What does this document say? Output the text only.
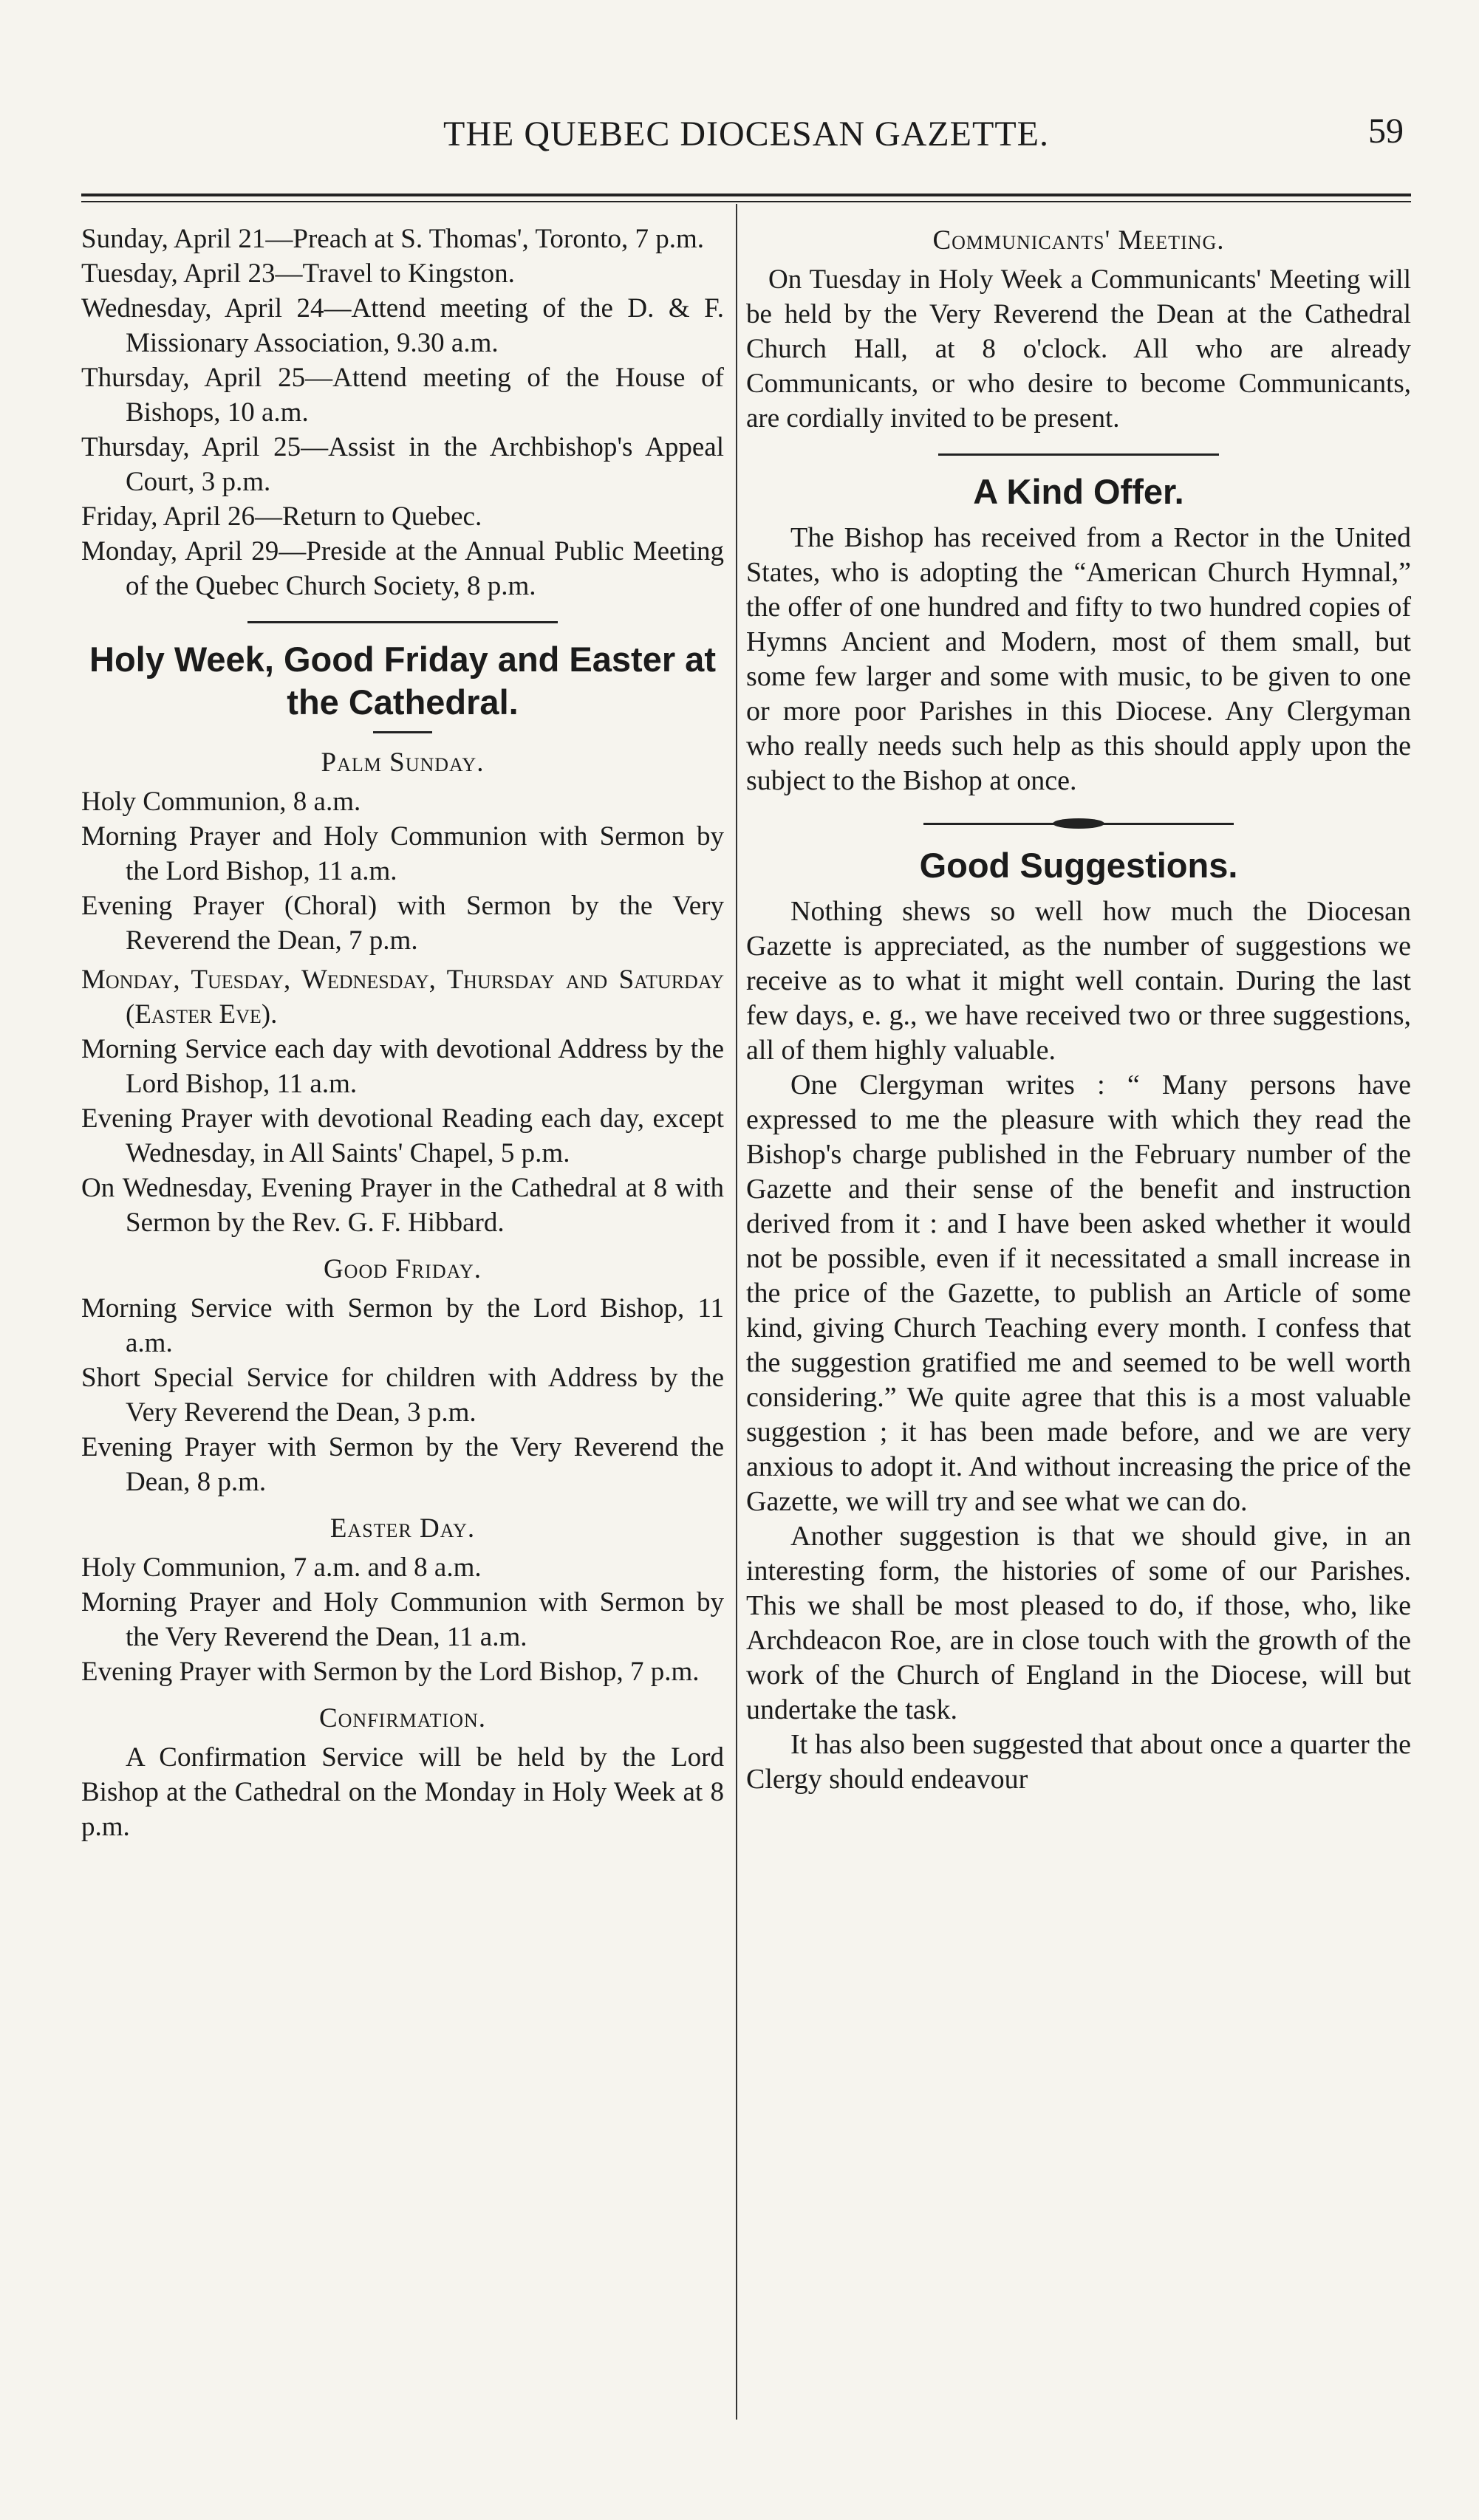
THE QUEBEC DIOCESAN GAZETTE.	59
Sunday, April 21—Preach at S. Thomas', Toronto, 7 p.m.
Tuesday, April 23—Travel to Kingston.
Wednesday, April 24—Attend meeting of the D. & F. Missionary Association, 9.30 a.m.
Thursday, April 25—Attend meeting of the House of Bishops, 10 a.m.
Thursday, April 25—Assist in the Archbishop's Appeal Court, 3 p.m.
Friday, April 26—Return to Quebec.
Monday, April 29—Preside at the Annual Public Meeting of the Quebec Church Society, 8 p.m.
Holy Week, Good Friday and Easter at the Cathedral.
Palm Sunday.
Holy Communion, 8 a.m.
Morning Prayer and Holy Communion with Sermon by the Lord Bishop, 11 a.m.
Evening Prayer (Choral) with Sermon by the Very Reverend the Dean, 7 p.m.
Monday, Tuesday, Wednesday, Thursday and Saturday (Easter Eve).
Morning Service each day with devotional Address by the Lord Bishop, 11 a.m.
Evening Prayer with devotional Reading each day, except Wednesday, in All Saints' Chapel, 5 p.m.
On Wednesday, Evening Prayer in the Cathedral at 8 with Sermon by the Rev. G. F. Hibbard.
Good Friday.
Morning Service with Sermon by the Lord Bishop, 11 a.m.
Short Special Service for children with Address by the Very Reverend the Dean, 3 p.m.
Evening Prayer with Sermon by the Very Reverend the Dean, 8 p.m.
Easter Day.
Holy Communion, 7 a.m. and 8 a.m.
Morning Prayer and Holy Communion with Sermon by the Very Reverend the Dean, 11 a.m.
Evening Prayer with Sermon by the Lord Bishop, 7 p.m.
Confirmation.

A Confirmation Service will be held by the Lord Bishop at the Cathedral on the Monday in Holy Week at 8 p.m.

Communicants' Meeting.

On Tuesday in Holy Week a Communicants' Meeting will be held by the Very Reverend the Dean at the Cathedral Church Hall, at 8 o'clock. All who are already Communicants, or who desire to become Communicants, are cordially invited to be present.

A Kind Offer.

The Bishop has received from a Rector in the United States, who is adopting the “American Church Hymnal,” the offer of one hundred and fifty to two hundred copies of Hymns Ancient and Modern, most of them small, but some few larger and some with music, to be given to one or more poor Parishes in this Diocese. Any Clergyman who really needs such help as this should apply upon the subject to the Bishop at once.

Good Suggestions.

Nothing shews so well how much the Diocesan Gazette is appreciated, as the number of suggestions we receive as to what it might well contain. During the last few days, e. g., we have received two or three suggestions, all of them highly valuable.

One Clergyman writes : “ Many persons have expressed to me the pleasure with which they read the Bishop's charge published in the February number of the Gazette and their sense of the benefit and instruction derived from it : and I have been asked whether it would not be possible, even if it necessitated a small increase in the price of the Gazette, to publish an Article of some kind, giving Church Teaching every month. I confess that the suggestion gratified me and seemed to be well worth considering.” We quite agree that this is a most valuable suggestion ; it has been made before, and we are very anxious to adopt it. And without increasing the price of the Gazette, we will try and see what we can do.

Another suggestion is that we should give, in an interesting form, the histories of some of our Parishes. This we shall be most pleased to do, if those, who, like Archdeacon Roe, are in close touch with the growth of the work of the Church of England in the Diocese, will but undertake the task.

It has also been suggested that about once a quarter the Clergy should endeavour
